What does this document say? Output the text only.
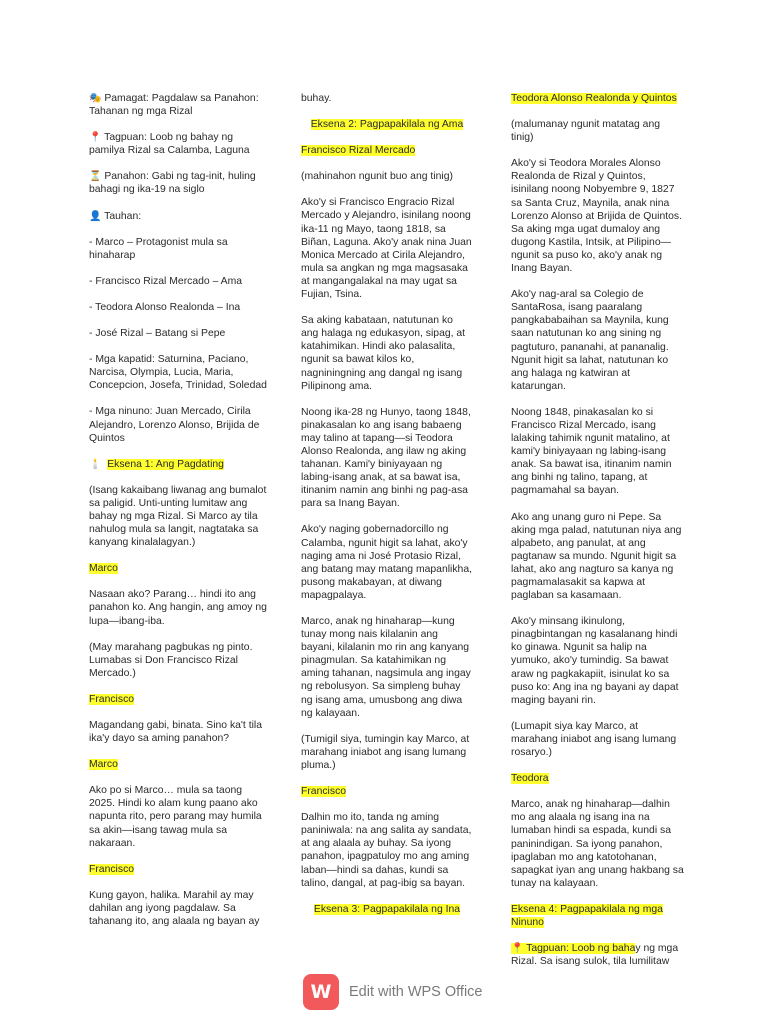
🎭 Pamagat: Pagdalaw sa Panahon: Tahanan ng mga Rizal

📍 Tagpuan: Loob ng bahay ng pamilya Rizal sa Calamba, Laguna

⏳ Panahon: Gabi ng tag-init, huling bahagi ng ika-19 na siglo

👤 Tauhan:

- Marco – Protagonist mula sa hinaharap

- Francisco Rizal Mercado – Ama

- Teodora Alonso Realonda – Ina

- José Rizal – Batang si Pepe

- Mga kapatid: Saturnina, Paciano, Narcisa, Olympia, Lucia, Maria, Concepcion, Josefa, Trinidad, Soledad

- Mga ninuno: Juan Mercado, Cirila Alejandro, Lorenzo Alonso, Brijida de Quintos

🕯️ Eksena 1: Ang Pagdating

(Isang kakaibang liwanag ang bumalot sa paligid. Unti-unting lumitaw ang bahay ng mga Rizal. Si Marco ay tila nahulog mula sa langit, nagtataka sa kanyang kinalalagyan.)

Marco

Nasaan ako? Parang… hindi ito ang panahon ko. Ang hangin, ang amoy ng lupa—ibang-iba.

(May marahang pagbukas ng pinto. Lumabas si Don Francisco Rizal Mercado.)

Francisco

Magandang gabi, binata. Sino ka't tila ika'y dayo sa aming panahon?

Marco

Ako po si Marco… mula sa taong 2025. Hindi ko alam kung paano ako napunta rito, pero parang may humila sa akin—isang tawag mula sa nakaraan.

Francisco

Kung gayon, halika. Marahil ay may dahilan ang iyong pagdalaw. Sa tahanang ito, ang alaala ng bayan ay

buhay.

Eksena 2: Pagpapakilala ng Ama

Francisco Rizal Mercado

(mahinahon ngunit buo ang tinig)

Ako'y si Francisco Engracio Rizal Mercado y Alejandro, isinilang noong ika-11 ng Mayo, taong 1818, sa Biñan, Laguna. Ako'y anak nina Juan Monica Mercado at Cirila Alejandro, mula sa angkan ng mga magsasaka at mangangalakal na may ugat sa Fujian, Tsina.

Sa aking kabataan, natutunan ko ang halaga ng edukasyon, sipag, at katahimikan. Hindi ako palasalita, ngunit sa bawat kilos ko, nagniningning ang dangal ng isang Pilipinong ama.

Noong ika-28 ng Hunyo, taong 1848, pinakasalan ko ang isang babaeng may talino at tapang—si Teodora Alonso Realonda, ang ilaw ng aking tahanan. Kami'y biniyayaan ng labing-isang anak, at sa bawat isa, itinanim namin ang binhi ng pag-asa para sa Inang Bayan.

Ako'y naging gobernadorcillo ng Calamba, ngunit higit sa lahat, ako'y naging ama ni José Protasio Rizal, ang batang may matang mapanlikha, pusong makabayan, at diwang mapagpalaya.

Marco, anak ng hinaharap—kung tunay mong nais kilalanin ang bayani, kilalanin mo rin ang kanyang pinagmulan. Sa katahimikan ng aming tahanan, nagsimula ang ingay ng rebolusyon. Sa simpleng buhay ng isang ama, umusbong ang diwa ng kalayaan.

(Tumigil siya, tumingin kay Marco, at marahang iniabot ang isang lumang pluma.)

Francisco

Dalhin mo ito, tanda ng aming paniniwala: na ang salita ay sandata, at ang alaala ay buhay. Sa iyong panahon, ipagpatuloy mo ang aming laban—hindi sa dahas, kundi sa talino, dangal, at pag-ibig sa bayan.

Eksena 3: Pagpapakilala ng Ina

Teodora Alonso Realonda y Quintos

(malumanay ngunit matatag ang tinig)

Ako'y si Teodora Morales Alonso Realonda de Rizal y Quintos, isinilang noong Nobyembre 9, 1827 sa Santa Cruz, Maynila, anak nina Lorenzo Alonso at Brijida de Quintos. Sa aking mga ugat dumaloy ang dugong Kastila, Intsik, at Pilipino—ngunit sa puso ko, ako'y anak ng Inang Bayan.

Ako'y nag-aral sa Colegio de SantaRosa, isang paaralang pangkababaihan sa Maynila, kung saan natutunan ko ang sining ng pagtuturo, pananahi, at pananalig. Ngunit higit sa lahat, natutunan ko ang halaga ng katwiran at katarungan.

Noong 1848, pinakasalan ko si Francisco Rizal Mercado, isang lalaking tahimik ngunit matalino, at kami'y biniyayaan ng labing-isang anak. Sa bawat isa, itinanim namin ang binhi ng talino, tapang, at pagmamahal sa bayan.

Ako ang unang guro ni Pepe. Sa aking mga palad, natutunan niya ang alpabeto, ang panulat, at ang pagtanaw sa mundo. Ngunit higit sa lahat, ako ang nagturo sa kanya ng pagmamalasakit sa kapwa at paglaban sa kasamaan.

Ako'y minsang ikinulong, pinagbintangan ng kasalanang hindi ko ginawa. Ngunit sa halip na yumuko, ako'y tumindig. Sa bawat araw ng pagkakapiit, isinulat ko sa puso ko: Ang ina ng bayani ay dapat maging bayani rin.

(Lumapit siya kay Marco, at marahang iniabot ang isang lumang rosaryo.)

Teodora

Marco, anak ng hinaharap—dalhin mo ang alaala ng isang ina na lumaban hindi sa espada, kundi sa paninindigan. Sa iyong panahon, ipaglaban mo ang katotohanan, sapagkat iyan ang unang hakbang sa tunay na kalayaan.

Eksena 4: Pagpapakilala ng mga Ninuno

📍 Tagpuan: Loob ng bahay ng mga Rizal. Sa isang sulok, tila lumilitaw

W	Edit with WPS Office
